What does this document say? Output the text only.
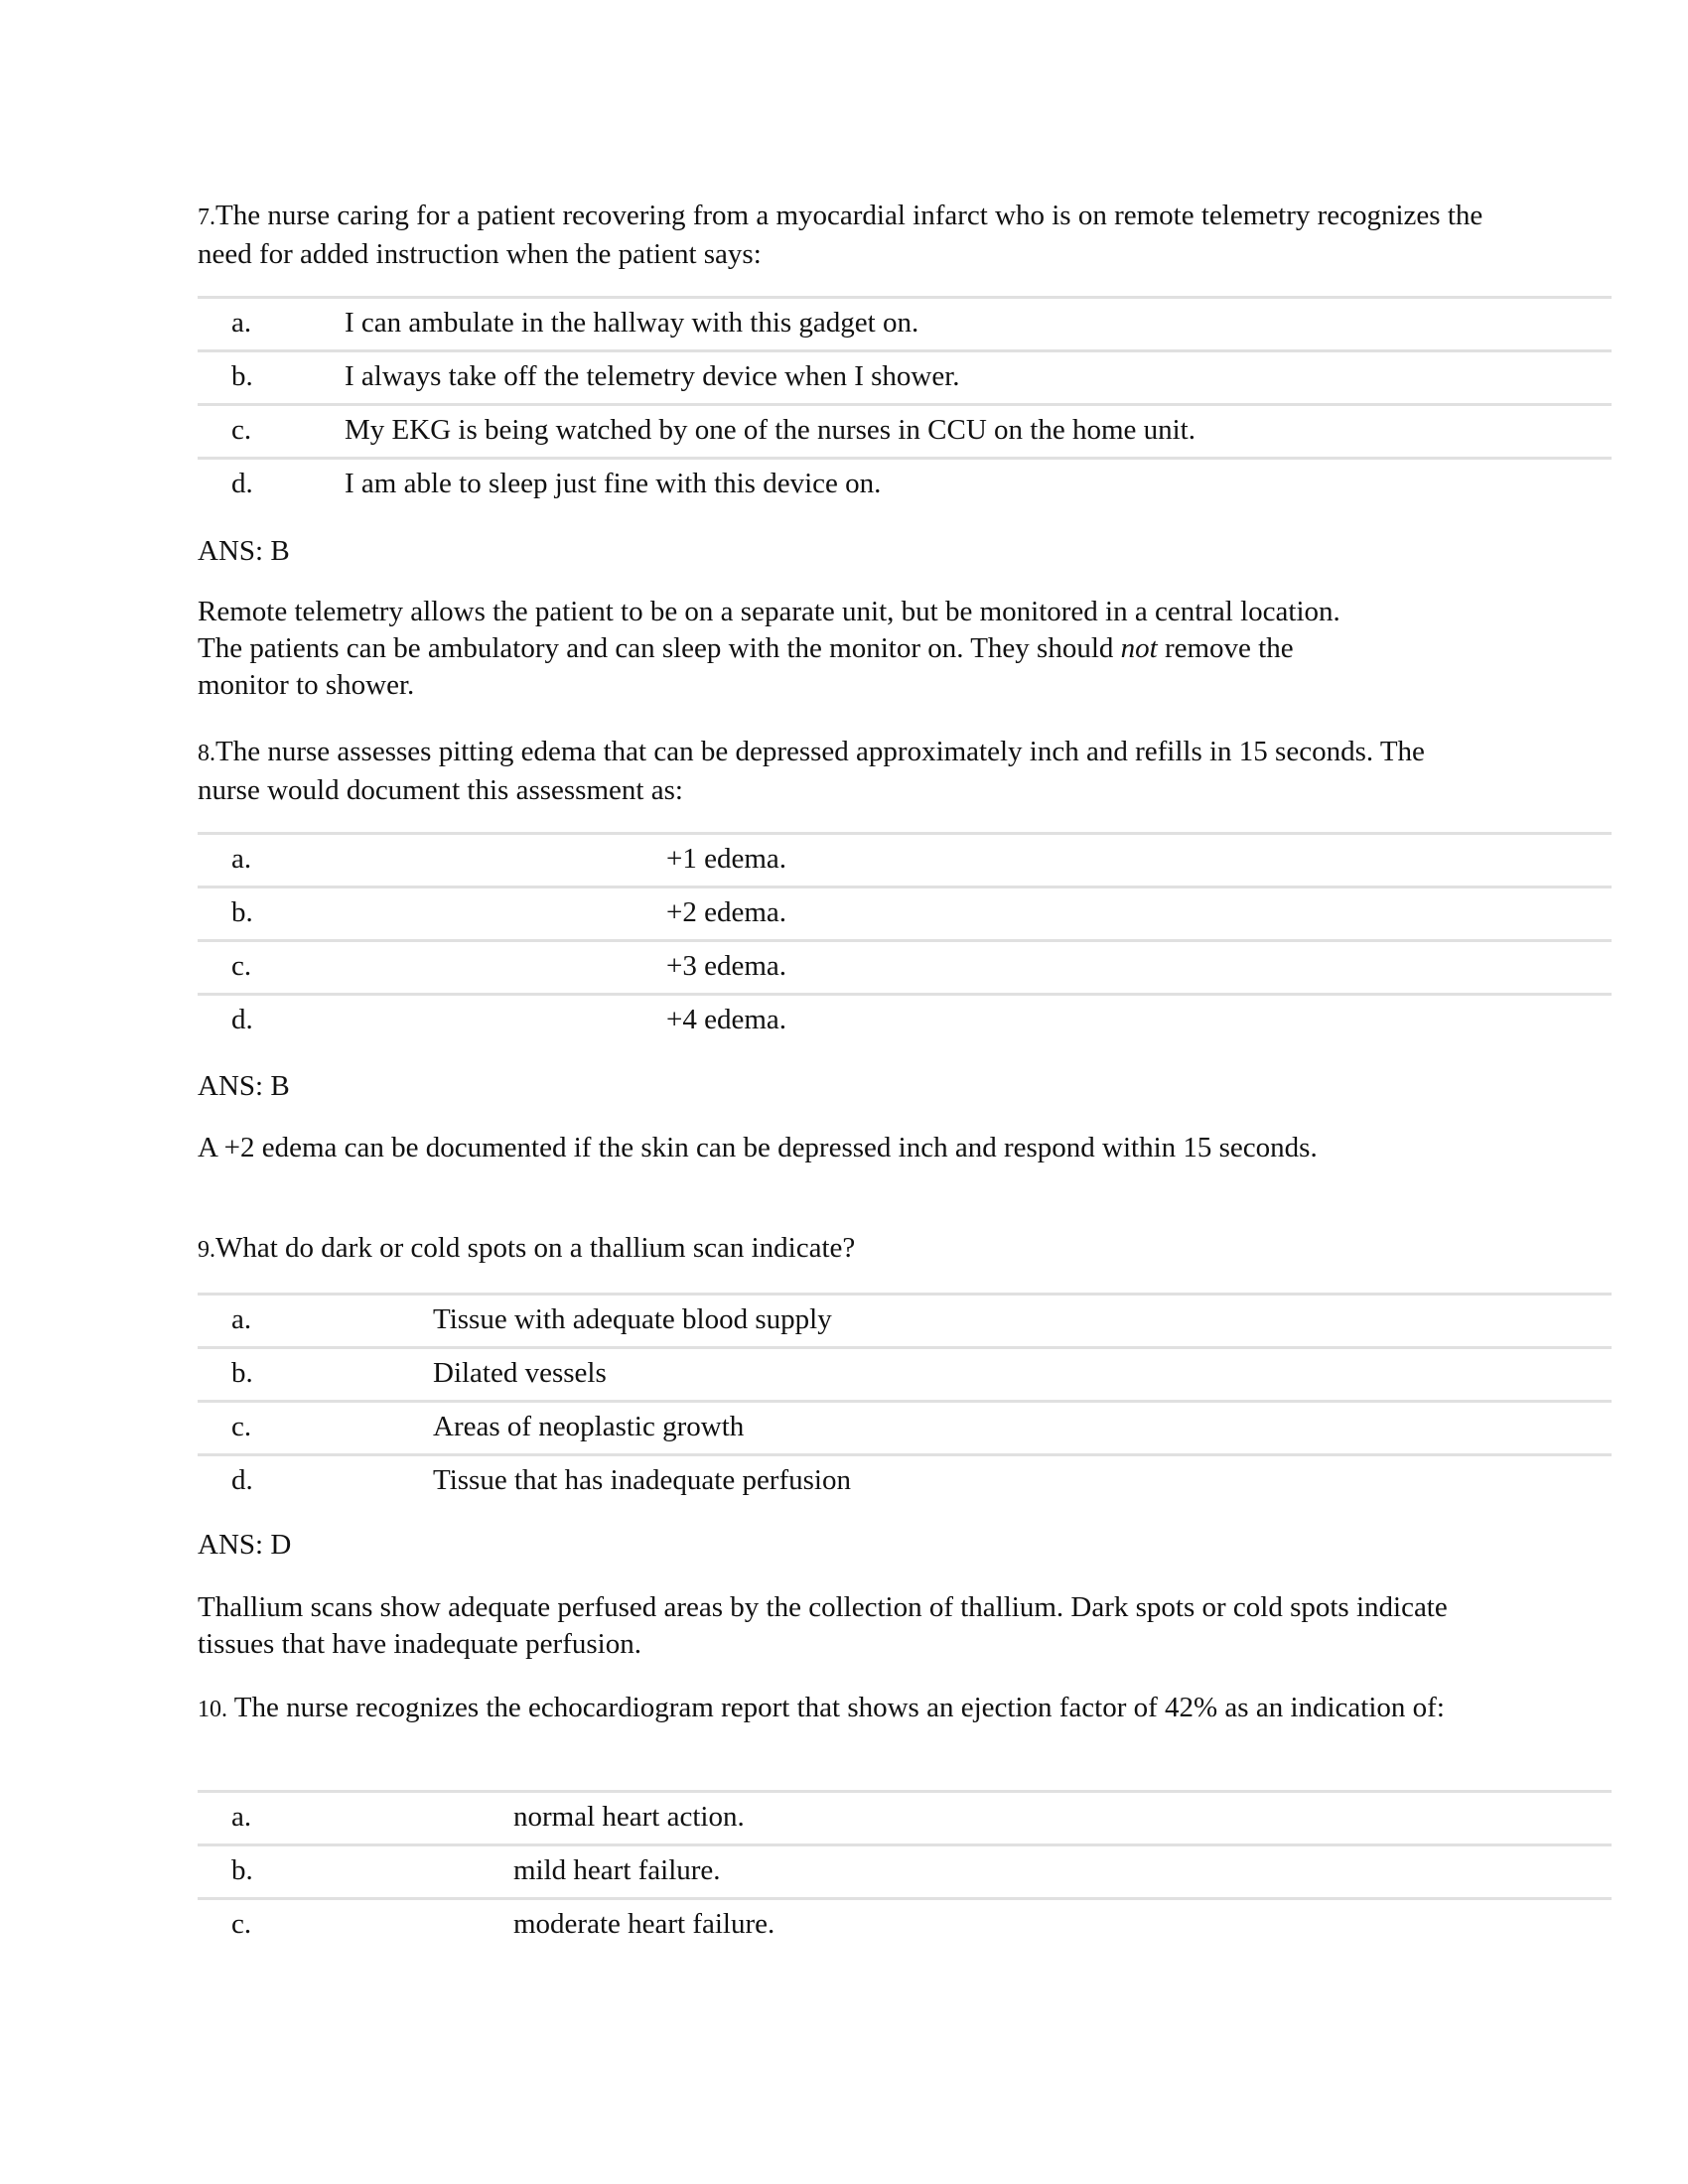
7.The nurse caring for a patient recovering from a myocardial infarct who is on remote telemetry recognizes the need for added instruction when the patient says:
a.	I can ambulate in the hallway with this gadget on.
b.	I always take off the telemetry device when I shower.
c.	My EKG is being watched by one of the nurses in CCU on the home unit.
d.	I am able to sleep just fine with this device on.
ANS: B
Remote telemetry allows the patient to be on a separate unit, but be monitored in a central location. The patients can be ambulatory and can sleep with the monitor on. They should not remove the monitor to shower.
8.The nurse assesses pitting edema that can be depressed approximately inch and refills in 15 seconds. The nurse would document this assessment as:
a.	+1 edema.
b.	+2 edema.
c.	+3 edema.
d.	+4 edema.
ANS: B
A +2 edema can be documented if the skin can be depressed inch and respond within 15 seconds.
9.What do dark or cold spots on a thallium scan indicate?
a.	Tissue with adequate blood supply
b.	Dilated vessels
c.	Areas of neoplastic growth
d.	Tissue that has inadequate perfusion
ANS: D
Thallium scans show adequate perfused areas by the collection of thallium. Dark spots or cold spots indicate tissues that have inadequate perfusion.
10. The nurse recognizes the echocardiogram report that shows an ejection factor of 42% as an indication of:
a.	normal heart action.
b.	mild heart failure.
c.	moderate heart failure.
